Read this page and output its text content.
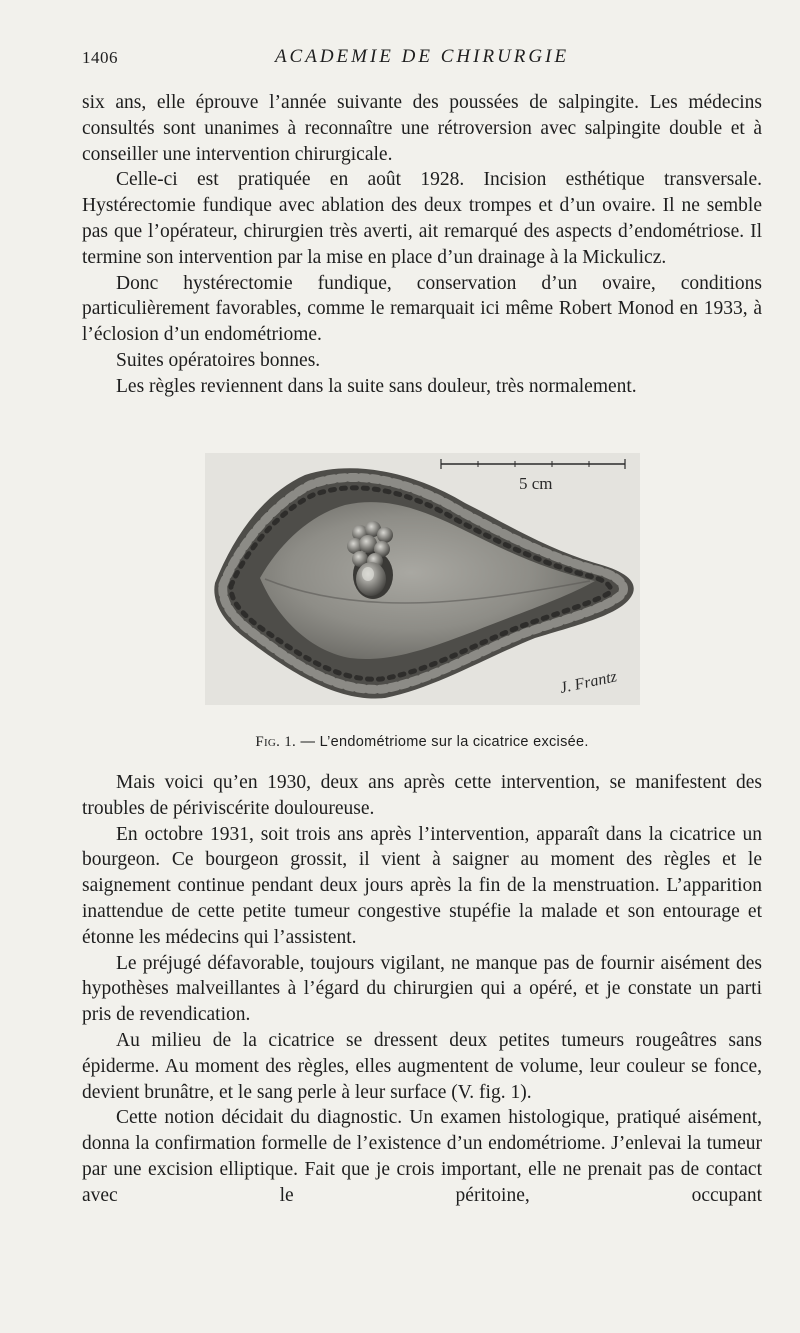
1406	ACADEMIE DE CHIRURGIE

six ans, elle éprouve l’année suivante des poussées de salpingite. Les médecins consultés sont unanimes à reconnaître une rétroversion avec salpingite double et à conseiller une intervention chirurgicale.

Celle-ci est pratiquée en août 1928. Incision esthétique transversale. Hystérectomie fundique avec ablation des deux trompes et d’un ovaire. Il ne semble pas que l’opérateur, chirurgien très averti, ait remarqué des aspects d’endométriose. Il termine son intervention par la mise en place d’un drainage à la Mickulicz.

Donc hystérectomie fundique, conservation d’un ovaire, conditions particulièrement favorables, comme le remarquait ici même Robert Monod en 1933, à l’éclosion d’un endométriome.

Suites opératoires bonnes.

Les règles reviennent dans la suite sans douleur, très normalement.

5 cm
J. Frantz
Fig. 1. — L’endométriome sur la cicatrice excisée.

Mais voici qu’en 1930, deux ans après cette intervention, se manifestent des troubles de périviscérite douloureuse.

En octobre 1931, soit trois ans après l’intervention, apparaît dans la cicatrice un bourgeon. Ce bourgeon grossit, il vient à saigner au moment des règles et le saignement continue pendant deux jours après la fin de la menstruation. L’apparition inattendue de cette petite tumeur congestive stupéfie la malade et son entourage et étonne les médecins qui l’assistent.

Le préjugé défavorable, toujours vigilant, ne manque pas de fournir aisément des hypothèses malveillantes à l’égard du chirurgien qui a opéré, et je constate un parti pris de revendication.

Au milieu de la cicatrice se dressent deux petites tumeurs rougeâtres sans épiderme. Au moment des règles, elles augmentent de volume, leur couleur se fonce, devient brunâtre, et le sang perle à leur surface (V. fig. 1).

Cette notion décidait du diagnostic. Un examen histologique, pratiqué aisément, donna la confirmation formelle de l’existence d’un endométriome. J’enlevai la tumeur par une excision elliptique. Fait que je crois important, elle ne prenait pas de contact avec le péritoine, occupant
